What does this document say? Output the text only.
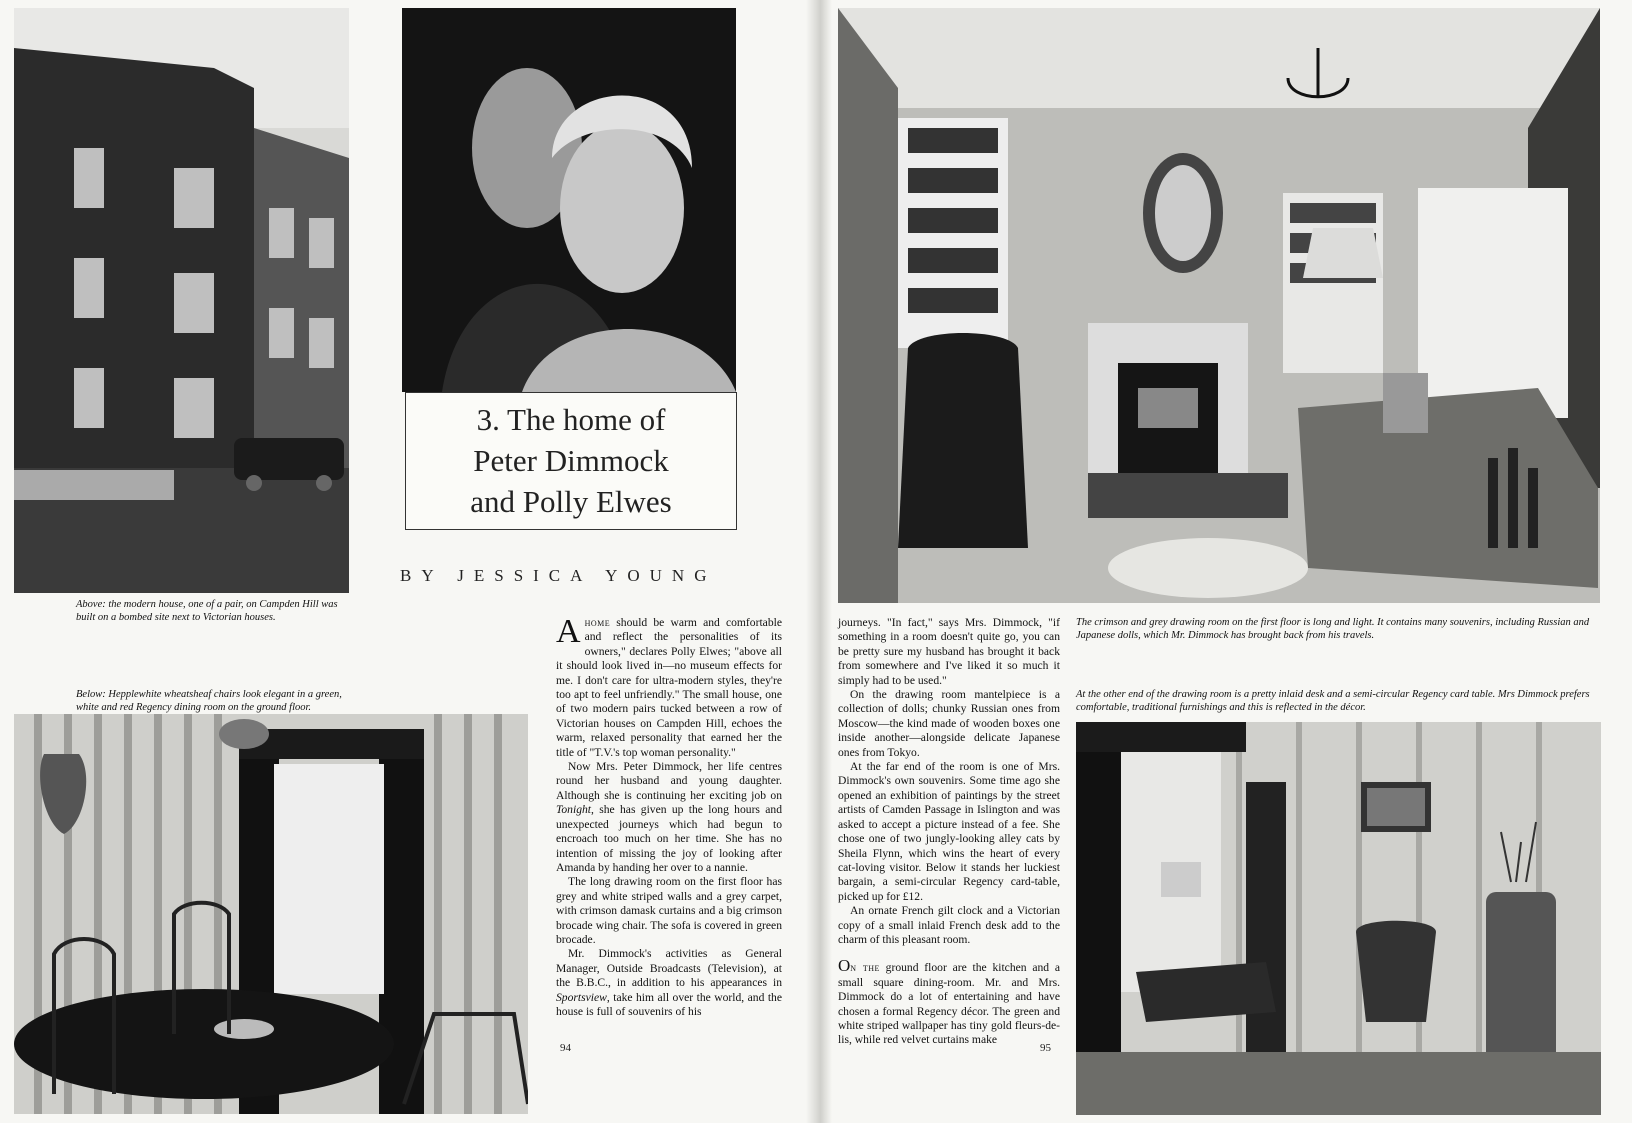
Above: the modern house, one of a pair, on Campden Hill was built on a bombed site next to Victorian houses.
3. The home of
Peter Dimmock
and Polly Elwes
BY JESSICA YOUNG
Below: Hepplewhite wheatsheaf chairs look elegant in a green, white and red Regency dining room on the ground floor.

A home should be warm and comfortable and reflect the personalities of its owners," declares Polly Elwes; "above all it should look lived in—no museum effects for me. I don't care for ultra-modern styles, they're too apt to feel unfriendly." The small house, one of two modern pairs tucked between a row of Victorian houses on Campden Hill, echoes the warm, relaxed personality that earned her the title of "T.V.'s top woman personality."

Now Mrs. Peter Dimmock, her life centres round her husband and young daughter. Although she is continuing her exciting job on Tonight, she has given up the long hours and unexpected journeys which had begun to encroach too much on her time. She has no intention of missing the joy of looking after Amanda by handing her over to a nannie.

The long drawing room on the first floor has grey and white striped walls and a grey carpet, with crimson damask curtains and a big crimson brocade wing chair. The sofa is covered in green brocade.

Mr. Dimmock's activities as General Manager, Outside Broadcasts (Television), at the B.B.C., in addition to his appearances in Sportsview, take him all over the world, and the house is full of souvenirs of his

94
The crimson and grey drawing room on the first floor is long and light. It contains many souvenirs, including Russian and Japanese dolls, which Mr. Dimmock has brought back from his travels.
At the other end of the drawing room is a pretty inlaid desk and a semi-circular Regency card table. Mrs Dimmock prefers comfortable, traditional furnishings and this is reflected in the décor.

journeys. "In fact," says Mrs. Dimmock, "if something in a room doesn't quite go, you can be pretty sure my husband has brought it back from somewhere and I've liked it so much it simply had to be used."

On the drawing room mantelpiece is a collection of dolls; chunky Russian ones from Moscow—the kind made of wooden boxes one inside another—alongside delicate Japanese ones from Tokyo.

At the far end of the room is one of Mrs. Dimmock's own souvenirs. Some time ago she opened an exhibition of paintings by the street artists of Camden Passage in Islington and was asked to accept a picture instead of a fee. She chose one of two jungly-looking alley cats by Sheila Flynn, which wins the heart of every cat-loving visitor. Below it stands her luckiest bargain, a semi-circular Regency card-table, picked up for £12.

An ornate French gilt clock and a Victorian copy of a small inlaid French desk add to the charm of this pleasant room.

On the ground floor are the kitchen and a small square dining-room. Mr. and Mrs. Dimmock do a lot of entertaining and have chosen a formal Regency décor. The green and white striped wallpaper has tiny gold fleurs-de-lis, while red velvet curtains make

95
